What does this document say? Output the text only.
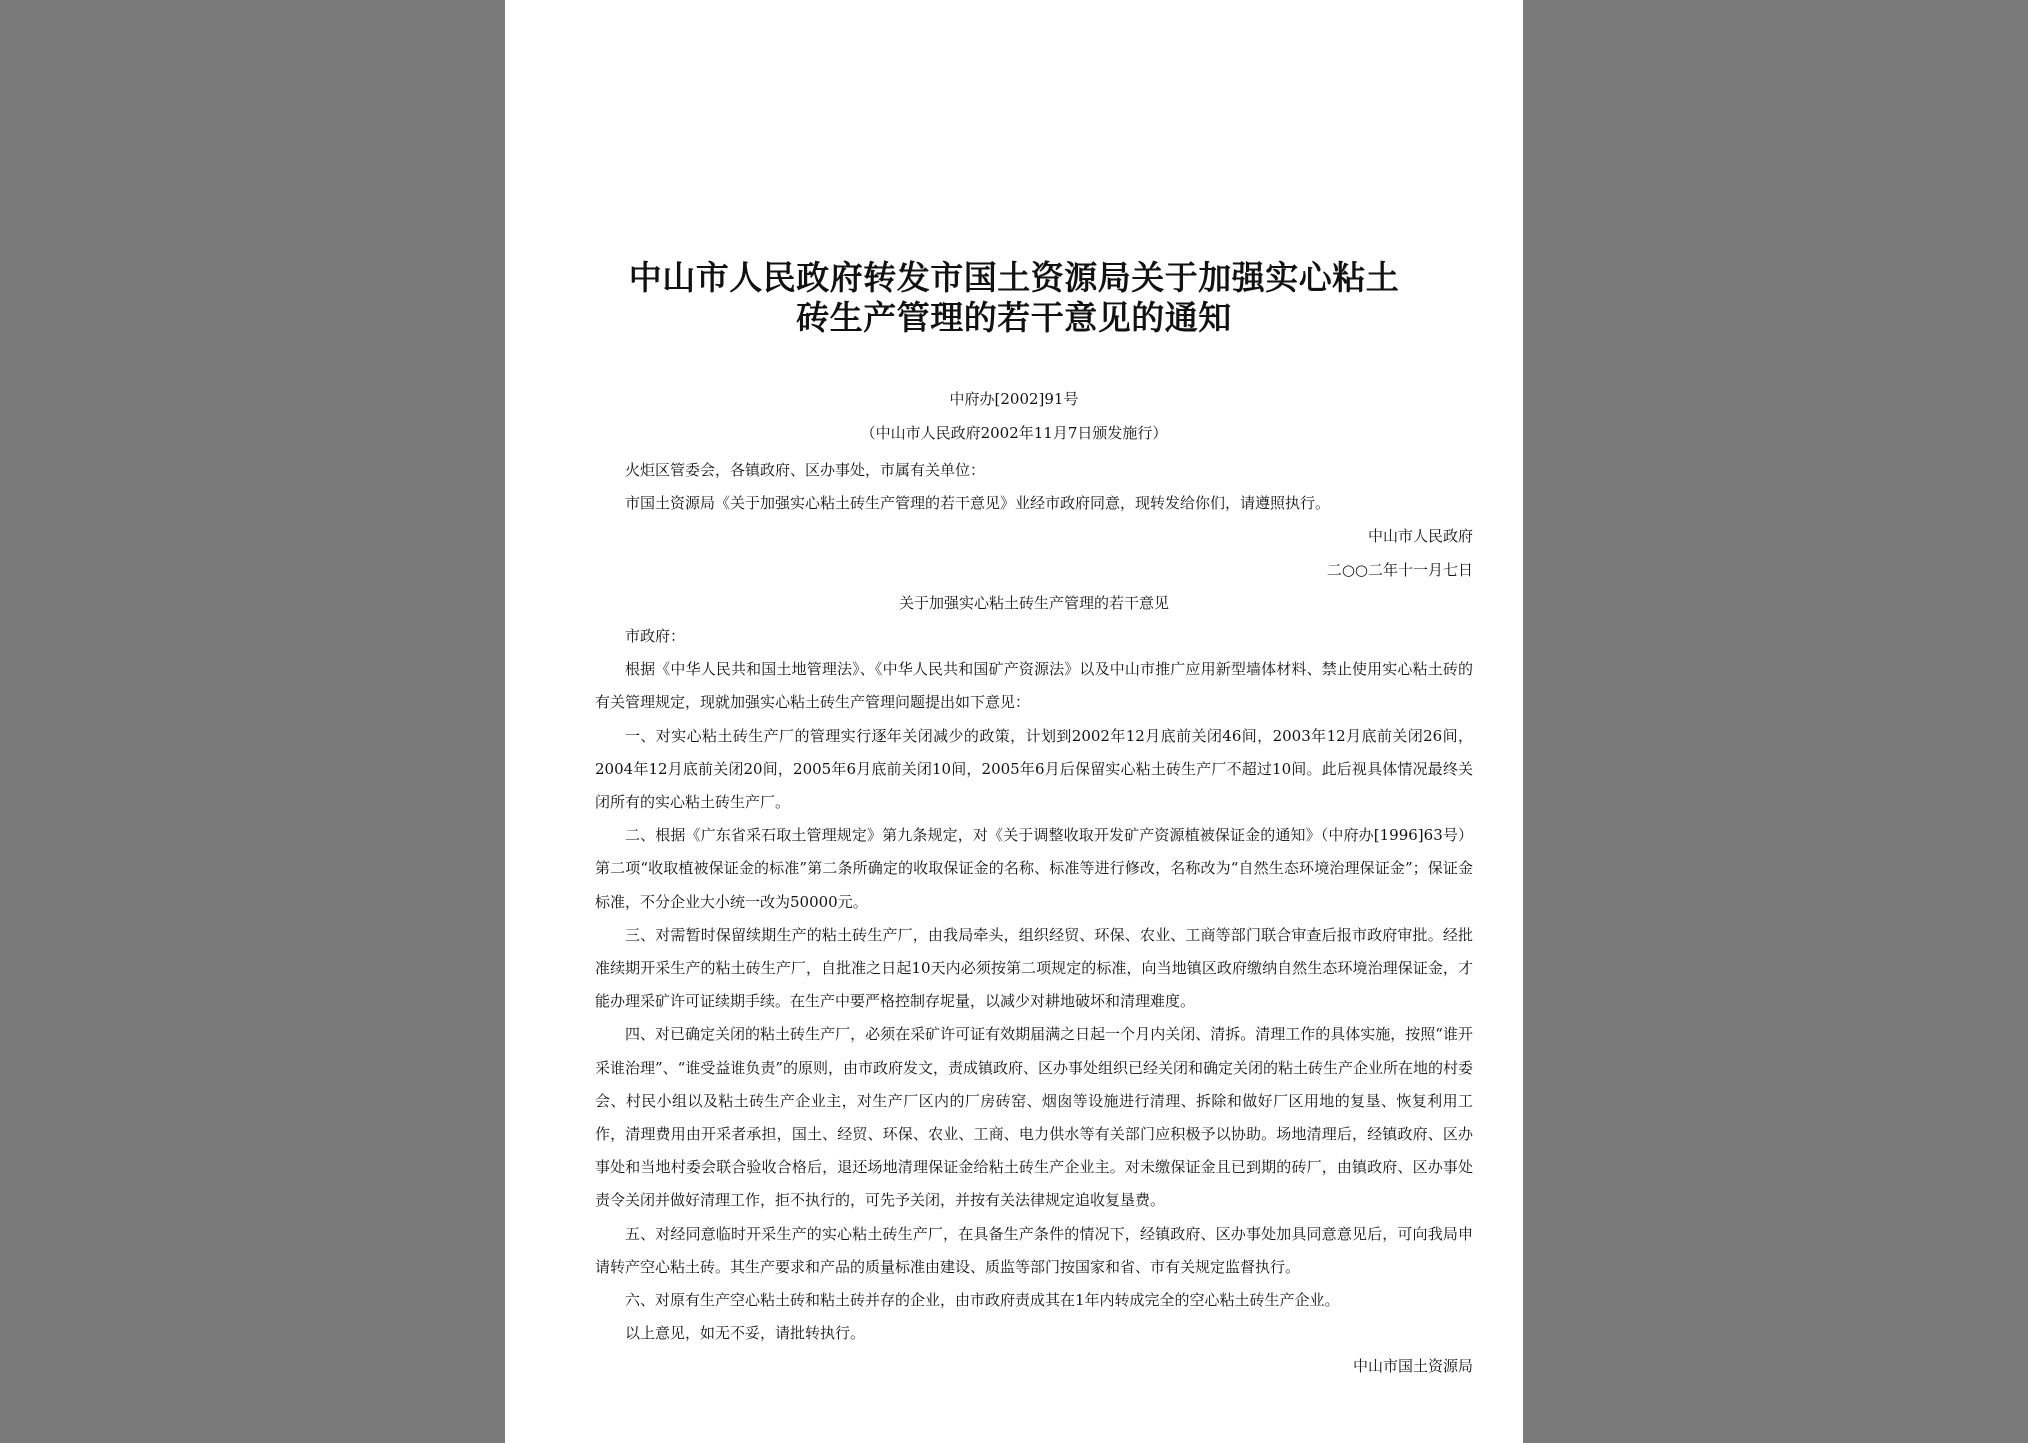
中山市人民政府转发市国土资源局关于加强实心粘土
砖生产管理的若干意见的通知
中府办[2002]91号
（中山市人民政府2002年11月7日颁发施行）

火炬区管委会，各镇政府、区办事处，市属有关单位：

市国土资源局《关于加强实心粘土砖生产管理的若干意见》业经市政府同意，现转发给你们，请遵照执行。

中山市人民政府

二○○二年十一月七日

关于加强实心粘土砖生产管理的若干意见

市政府：

根据《中华人民共和国土地管理法》、《中华人民共和国矿产资源法》以及中山市推广应用新型墙体材料、禁止使用实心粘土砖的有关管理规定，现就加强实心粘土砖生产管理问题提出如下意见：

一、对实心粘土砖生产厂的管理实行逐年关闭减少的政策，计划到2002年12月底前关闭46间，2003年12月底前关闭26间，2004年12月底前关闭20间，2005年6月底前关闭10间，2005年6月后保留实心粘土砖生产厂不超过10间。此后视具体情况最终关闭所有的实心粘土砖生产厂。

二、根据《广东省采石取土管理规定》第九条规定，对《关于调整收取开发矿产资源植被保证金的通知》（中府办[1996]63号）第二项“收取植被保证金的标准”第二条所确定的收取保证金的名称、标准等进行修改，名称改为“自然生态环境治理保证金”；保证金标准，不分企业大小统一改为50000元。

三、对需暂时保留续期生产的粘土砖生产厂，由我局牵头，组织经贸、环保、农业、工商等部门联合审查后报市政府审批。经批准续期开采生产的粘土砖生产厂，自批准之日起10天内必须按第二项规定的标准，向当地镇区政府缴纳自然生态环境治理保证金，才能办理采矿许可证续期手续。在生产中要严格控制存坭量，以减少对耕地破坏和清理难度。

四、对已确定关闭的粘土砖生产厂，必须在采矿许可证有效期届满之日起一个月内关闭、清拆。清理工作的具体实施，按照“谁开采谁治理”、“谁受益谁负责”的原则，由市政府发文，责成镇政府、区办事处组织已经关闭和确定关闭的粘土砖生产企业所在地的村委会、村民小组以及粘土砖生产企业主，对生产厂区内的厂房砖窑、烟囱等设施进行清理、拆除和做好厂区用地的复垦、恢复利用工作，清理费用由开采者承担，国土、经贸、环保、农业、工商、电力供水等有关部门应积极予以协助。场地清理后，经镇政府、区办事处和当地村委会联合验收合格后，退还场地清理保证金给粘土砖生产企业主。对未缴保证金且已到期的砖厂，由镇政府、区办事处责令关闭并做好清理工作，拒不执行的，可先予关闭，并按有关法律规定追收复垦费。

五、对经同意临时开采生产的实心粘土砖生产厂，在具备生产条件的情况下，经镇政府、区办事处加具同意意见后，可向我局申请转产空心粘土砖。其生产要求和产品的质量标准由建设、质监等部门按国家和省、市有关规定监督执行。

六、对原有生产空心粘土砖和粘土砖并存的企业，由市政府责成其在1年内转成完全的空心粘土砖生产企业。

以上意见，如无不妥，请批转执行。

中山市国土资源局
